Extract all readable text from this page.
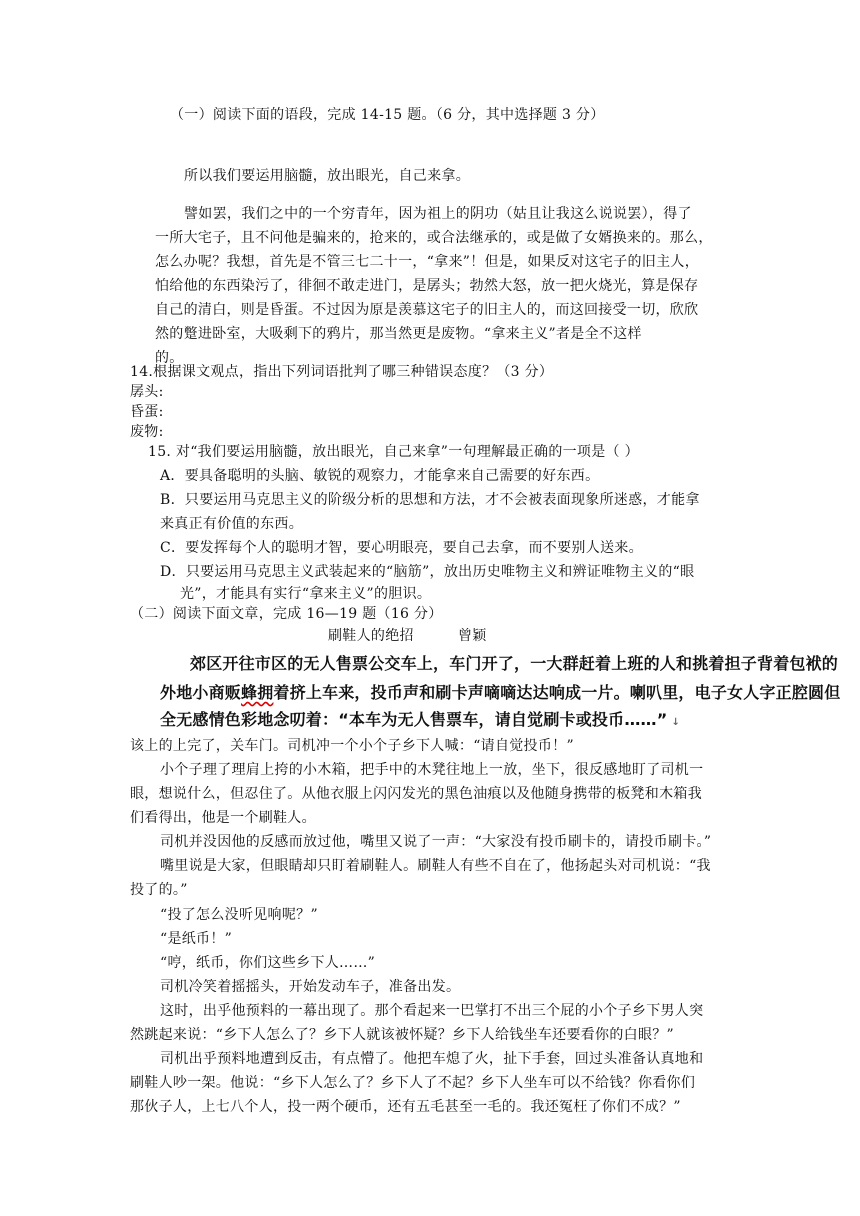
（一）阅读下面的语段，完成 14-15 题。（6 分，其中选择题 3 分）
所以我们要运用脑髓，放出眼光，自己来拿。
譬如罢，我们之中的一个穷青年，因为祖上的阴功（姑且让我这么说说罢），得了
一所大宅子，且不问他是骗来的，抢来的，或合法继承的，或是做了女婿换来的。那么，
怎么办呢？我想，首先是不管三七二十一，“拿来”！但是，如果反对这宅子的旧主人，
怕给他的东西染污了，徘徊不敢走进门，是孱头；勃然大怒，放一把火烧光，算是保存
自己的清白，则是昏蛋。不过因为原是羡慕这宅子的旧主人的，而这回接受一切，欣欣
然的蹩进卧室，大吸剩下的鸦片，那当然更是废物。“拿来主义”者是全不这样
的。
14.根据课文观点，指出下列词语批判了哪三种错误态度？（3 分）
孱头:
昏蛋:
废物:
15. 对“我们要运用脑髓，放出眼光，自己来拿”一句理解最正确的一项是（ ）
A．要具备聪明的头脑、敏锐的观察力，才能拿来自己需要的好东西。
B．只要运用马克思主义的阶级分析的思想和方法，才不会被表面现象所迷惑，才能拿
来真正有价值的东西。
C．要发挥每个人的聪明才智，要心明眼亮，要自己去拿，而不要别人送来。
D．只要运用马克思主义武装起来的“脑筋”，放出历史唯物主义和辨证唯物主义的“眼
光”，才能具有实行“拿来主义”的胆识。
（二）阅读下面文章，完成 16—19 题（16 分）
刷鞋人的绝招	曾颖
郊区开往市区的无人售票公交车上，车门开了，一大群赶着上班的人和挑着担子背着包袱的
外地小商贩蜂拥着挤上车来，投币声和刷卡声嘀嘀达达响成一片。喇叭里，电子女人字正腔圆但
全无感情色彩地念叨着：“本车为无人售票车，请自觉刷卡或投币……” ↓
该上的上完了，关车门。司机冲一个小个子乡下人喊：“请自觉投币！”
小个子理了理肩上挎的小木箱，把手中的木凳往地上一放，坐下，很反感地盯了司机一
眼，想说什么，但忍住了。从他衣服上闪闪发光的黑色油痕以及他随身携带的板凳和木箱我
们看得出，他是一个刷鞋人。
司机并没因他的反感而放过他，嘴里又说了一声：“大家没有投币刷卡的，请投币刷卡。”
嘴里说是大家，但眼睛却只盯着刷鞋人。刷鞋人有些不自在了，他扬起头对司机说：“我
投了的。”
“投了怎么没听见响呢？”
“是纸币！”
“哼，纸币，你们这些乡下人……”
司机冷笑着摇摇头，开始发动车子，准备出发。
这时，出乎他预料的一幕出现了。那个看起来一巴掌打不出三个屁的小个子乡下男人突
然跳起来说：“乡下人怎么了？乡下人就该被怀疑？乡下人给钱坐车还要看你的白眼？”
司机出乎预料地遭到反击，有点懵了。他把车熄了火，扯下手套，回过头准备认真地和
刷鞋人吵一架。他说：“乡下人怎么了？乡下人了不起？乡下人坐车可以不给钱？你看你们
那伙子人，上七八个人，投一两个硬币，还有五毛甚至一毛的。我还冤枉了你们不成？”
